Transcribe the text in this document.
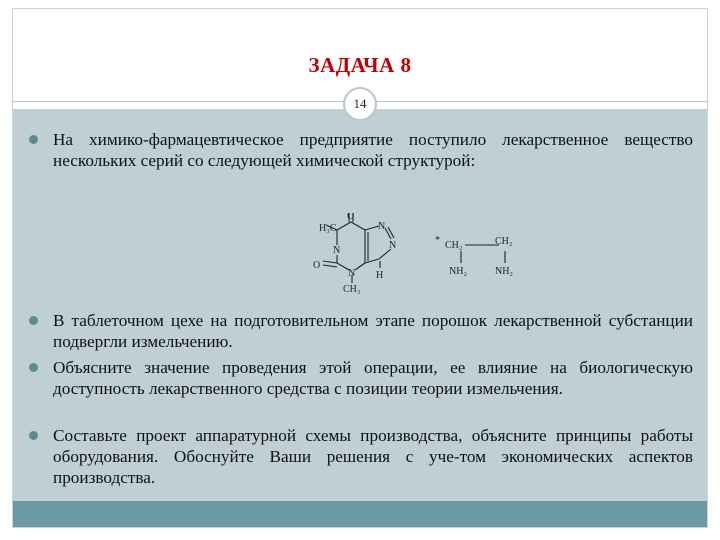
ЗАДАЧА 8
14
На химико-фармацевтическое предприятие поступило лекарственное вещество нескольких серий со следующей химической структурой:
H₃C
O
N
N	N
N H
O
CH₃
* CH₂	CH₂
NH₂	NH₂
В таблеточном цехе на подготовительном этапе порошок лекарственной субстанции подвергли измельчению.
Объясните значение проведения этой операции, ее влияние на биологическую доступность лекарственного средства с позиции теории измельчения.
Составьте проект аппаратурной схемы производства, объясните принципы работы оборудования. Обоснуйте Ваши решения с уче-том экономических аспектов производства.
